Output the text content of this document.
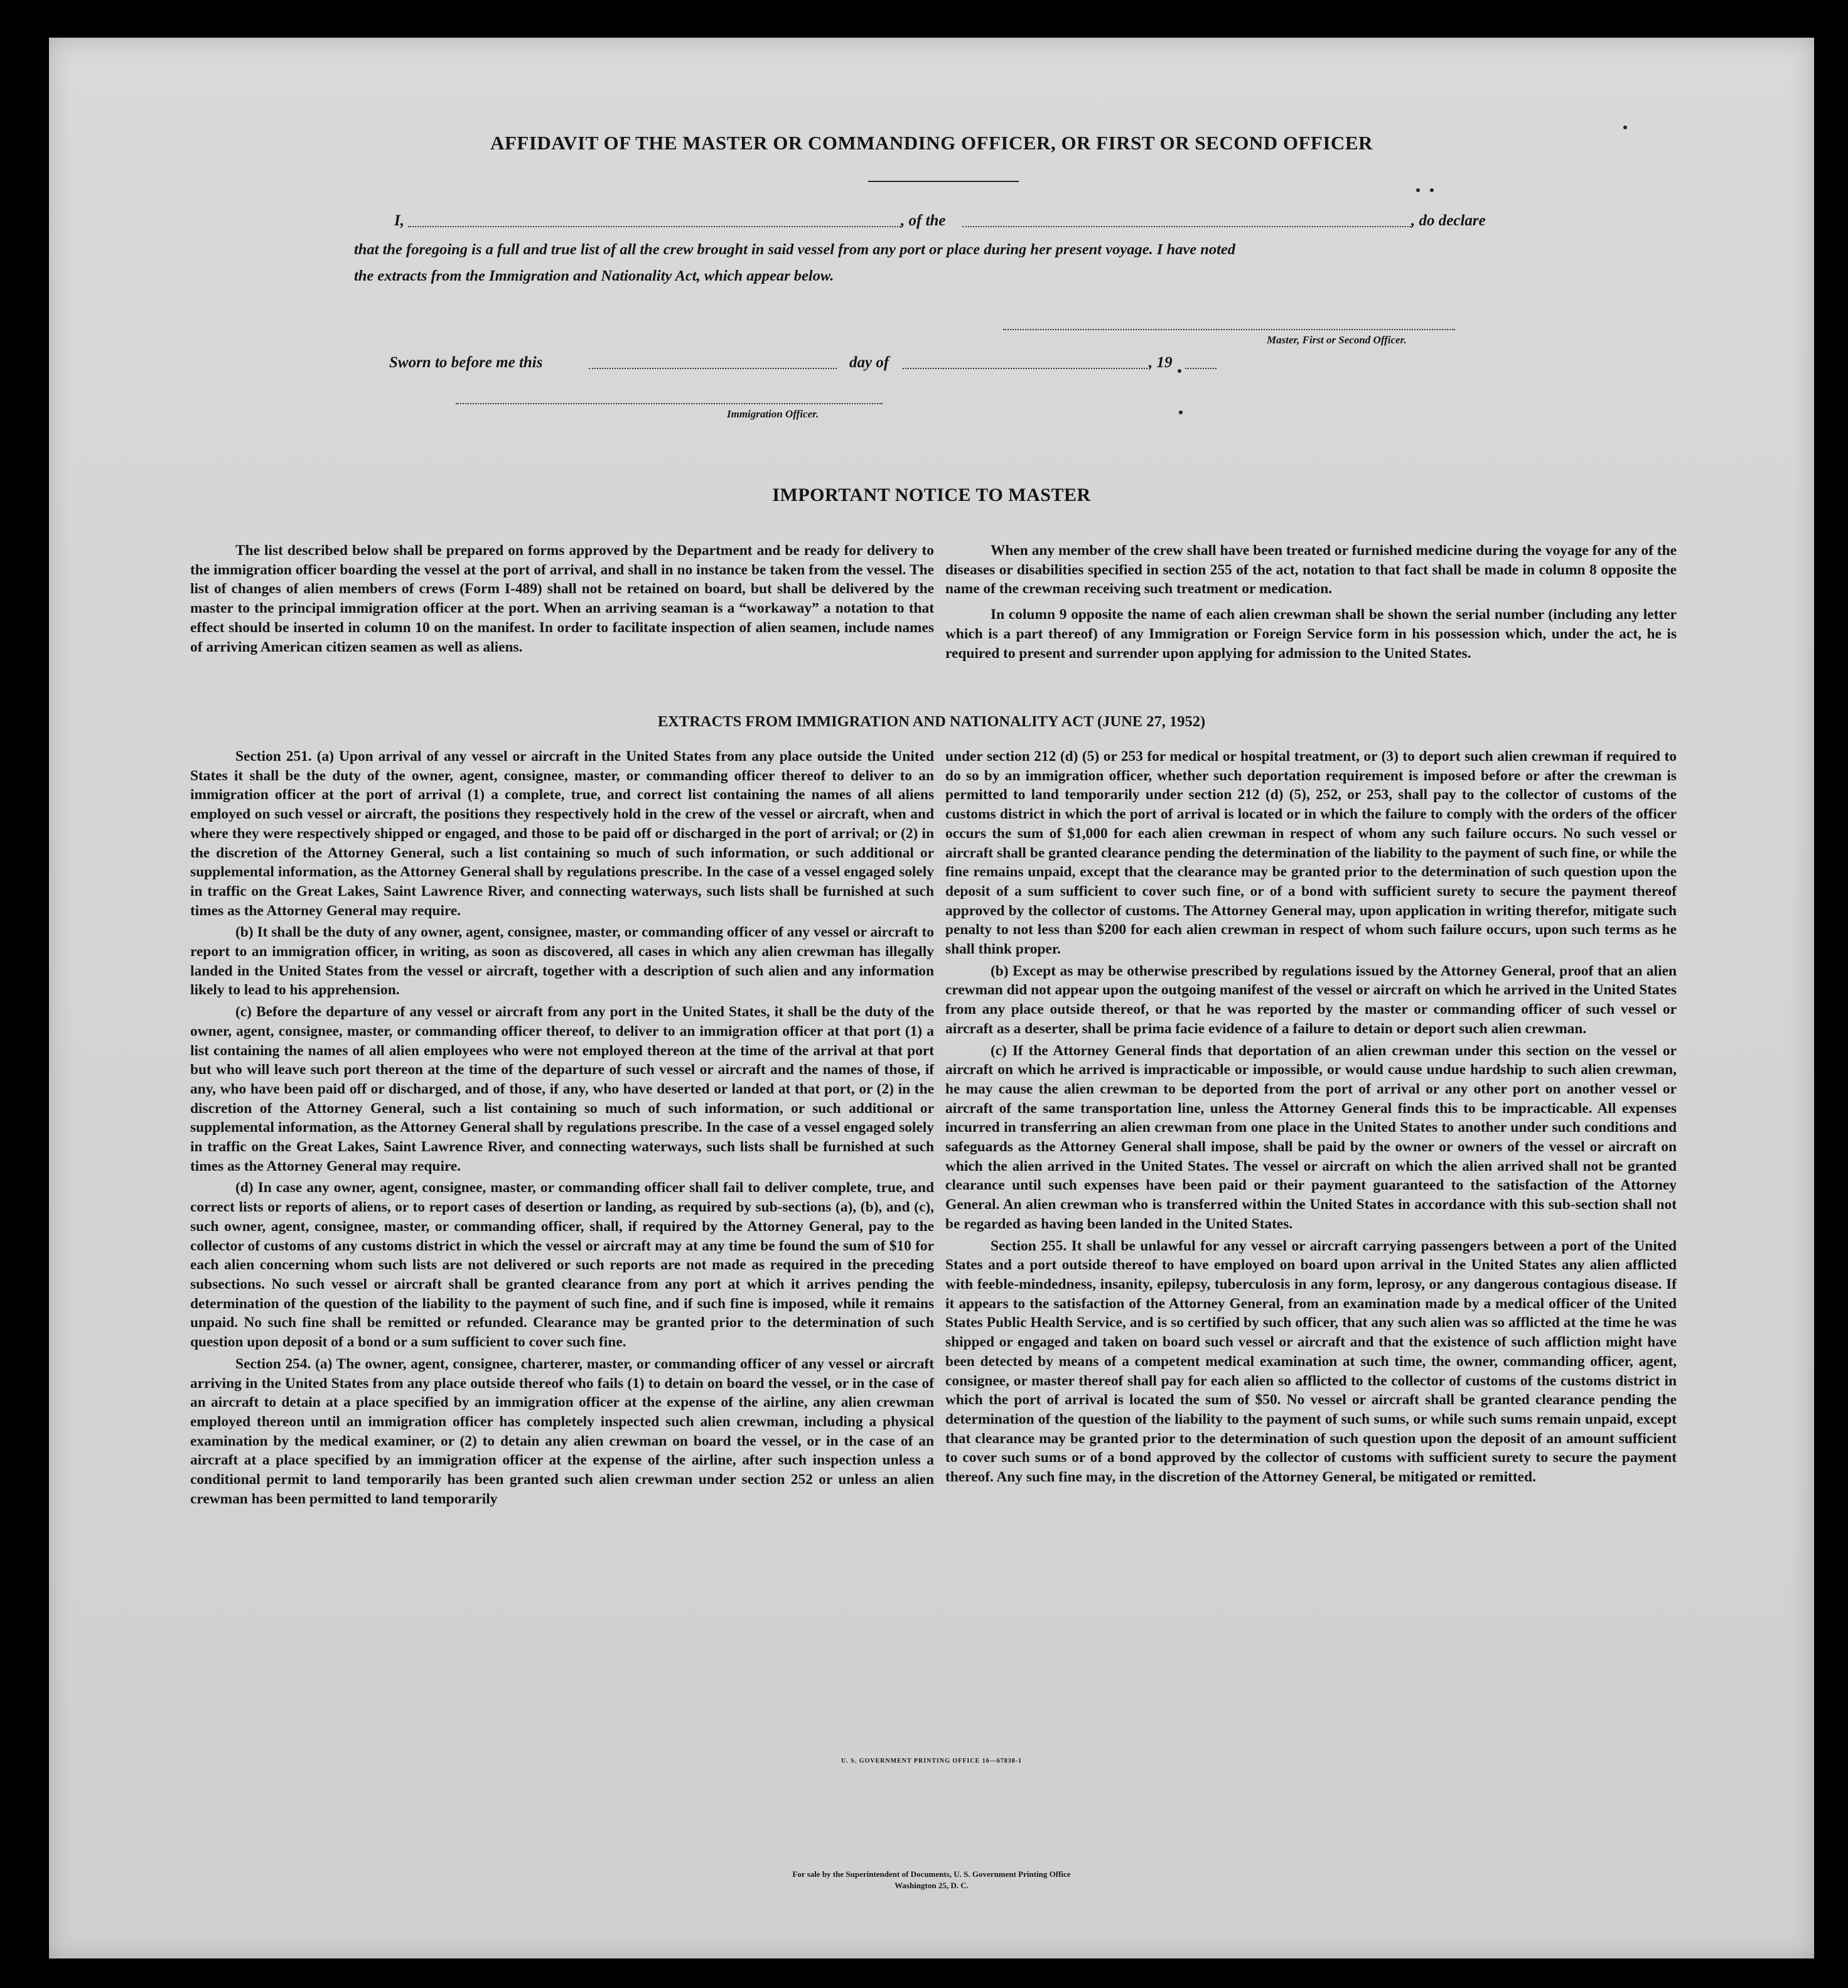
AFFIDAVIT OF THE MASTER OR COMMANDING OFFICER, OR FIRST OR SECOND OFFICER
I,	, of the	, do declare
that the foregoing is a full and true list of all the crew brought in said vessel from any port or place during her present voyage. I have noted
the extracts from the Immigration and Nationality Act, which appear below.
Master, First or Second Officer.
Sworn to before me this	day of	, 19
Immigration Officer.
IMPORTANT NOTICE TO MASTER

The list described below shall be prepared on forms approved by the Department and be ready for delivery to the immigration officer boarding the vessel at the port of arrival, and shall in no instance be taken from the vessel. The list of changes of alien members of crews (Form I-489) shall not be retained on board, but shall be delivered by the master to the principal immigration officer at the port. When an arriving seaman is a “workaway” a notation to that effect should be inserted in column 10 on the manifest. In order to facilitate inspection of alien seamen, include names of arriving American citizen seamen as well as aliens.

When any member of the crew shall have been treated or furnished medicine during the voyage for any of the diseases or disabilities specified in section 255 of the act, notation to that fact shall be made in column 8 opposite the name of the crewman receiving such treatment or medication.

In column 9 opposite the name of each alien crewman shall be shown the serial number (including any letter which is a part thereof) of any Immigration or Foreign Service form in his possession which, under the act, he is required to present and surrender upon applying for admission to the United States.

EXTRACTS FROM IMMIGRATION AND NATIONALITY ACT (JUNE 27, 1952)

Section 251. (a) Upon arrival of any vessel or aircraft in the United States from any place outside the United States it shall be the duty of the owner, agent, consignee, master, or commanding officer thereof to deliver to an immigration officer at the port of arrival (1) a complete, true, and correct list containing the names of all aliens employed on such vessel or aircraft, the positions they respectively hold in the crew of the vessel or aircraft, when and where they were respectively shipped or engaged, and those to be paid off or discharged in the port of arrival; or (2) in the discretion of the Attorney General, such a list containing so much of such information, or such additional or supplemental information, as the Attorney General shall by regulations prescribe. In the case of a vessel engaged solely in traffic on the Great Lakes, Saint Lawrence River, and connecting waterways, such lists shall be furnished at such times as the Attorney General may require.

(b) It shall be the duty of any owner, agent, consignee, master, or commanding officer of any vessel or aircraft to report to an immigration officer, in writing, as soon as discovered, all cases in which any alien crewman has illegally landed in the United States from the vessel or aircraft, together with a description of such alien and any information likely to lead to his apprehension.

(c) Before the departure of any vessel or aircraft from any port in the United States, it shall be the duty of the owner, agent, consignee, master, or commanding officer thereof, to deliver to an immigration officer at that port (1) a list containing the names of all alien employees who were not employed thereon at the time of the arrival at that port but who will leave such port thereon at the time of the departure of such vessel or aircraft and the names of those, if any, who have been paid off or discharged, and of those, if any, who have deserted or landed at that port, or (2) in the discretion of the Attorney General, such a list containing so much of such information, or such additional or supplemental information, as the Attorney General shall by regulations prescribe. In the case of a vessel engaged solely in traffic on the Great Lakes, Saint Lawrence River, and connecting waterways, such lists shall be furnished at such times as the Attorney General may require.

(d) In case any owner, agent, consignee, master, or commanding officer shall fail to deliver complete, true, and correct lists or reports of aliens, or to report cases of desertion or landing, as required by sub-sections (a), (b), and (c), such owner, agent, consignee, master, or commanding officer, shall, if required by the Attorney General, pay to the collector of customs of any customs district in which the vessel or aircraft may at any time be found the sum of $10 for each alien concerning whom such lists are not delivered or such reports are not made as required in the preceding subsections. No such vessel or aircraft shall be granted clearance from any port at which it arrives pending the determination of the question of the liability to the payment of such fine, and if such fine is imposed, while it remains unpaid. No such fine shall be remitted or refunded. Clearance may be granted prior to the determination of such question upon deposit of a bond or a sum sufficient to cover such fine.

Section 254. (a) The owner, agent, consignee, charterer, master, or commanding officer of any vessel or aircraft arriving in the United States from any place outside thereof who fails (1) to detain on board the vessel, or in the case of an aircraft to detain at a place specified by an immigration officer at the expense of the airline, any alien crewman employed thereon until an immigration officer has completely inspected such alien crewman, including a physical examination by the medical examiner, or (2) to detain any alien crewman on board the vessel, or in the case of an aircraft at a place specified by an immigration officer at the expense of the airline, after such inspection unless a conditional permit to land temporarily has been granted such alien crewman under section 252 or unless an alien crewman has been permitted to land temporarily

under section 212 (d) (5) or 253 for medical or hospital treatment, or (3) to deport such alien crewman if required to do so by an immigration officer, whether such deportation requirement is imposed before or after the crewman is permitted to land temporarily under section 212 (d) (5), 252, or 253, shall pay to the collector of customs of the customs district in which the port of arrival is located or in which the failure to comply with the orders of the officer occurs the sum of $1,000 for each alien crewman in respect of whom any such failure occurs. No such vessel or aircraft shall be granted clearance pending the determination of the liability to the payment of such fine, or while the fine remains unpaid, except that the clearance may be granted prior to the determination of such question upon the deposit of a sum sufficient to cover such fine, or of a bond with sufficient surety to secure the payment thereof approved by the collector of customs. The Attorney General may, upon application in writing therefor, mitigate such penalty to not less than $200 for each alien crewman in respect of whom such failure occurs, upon such terms as he shall think proper.

(b) Except as may be otherwise prescribed by regulations issued by the Attorney General, proof that an alien crewman did not appear upon the outgoing manifest of the vessel or aircraft on which he arrived in the United States from any place outside thereof, or that he was reported by the master or commanding officer of such vessel or aircraft as a deserter, shall be prima facie evidence of a failure to detain or deport such alien crewman.

(c) If the Attorney General finds that deportation of an alien crewman under this section on the vessel or aircraft on which he arrived is impracticable or impossible, or would cause undue hardship to such alien crewman, he may cause the alien crewman to be deported from the port of arrival or any other port on another vessel or aircraft of the same transportation line, unless the Attorney General finds this to be impracticable. All expenses incurred in transferring an alien crewman from one place in the United States to another under such conditions and safeguards as the Attorney General shall impose, shall be paid by the owner or owners of the vessel or aircraft on which the alien arrived in the United States. The vessel or aircraft on which the alien arrived shall not be granted clearance until such expenses have been paid or their payment guaranteed to the satisfaction of the Attorney General. An alien crewman who is transferred within the United States in accordance with this sub-section shall not be regarded as having been landed in the United States.

Section 255. It shall be unlawful for any vessel or aircraft carrying passengers between a port of the United States and a port outside thereof to have employed on board upon arrival in the United States any alien afflicted with feeble-mindedness, insanity, epilepsy, tuberculosis in any form, leprosy, or any dangerous contagious disease. If it appears to the satisfaction of the Attorney General, from an examination made by a medical officer of the United States Public Health Service, and is so certified by such officer, that any such alien was so afflicted at the time he was shipped or engaged and taken on board such vessel or aircraft and that the existence of such affliction might have been detected by means of a competent medical examination at such time, the owner, commanding officer, agent, consignee, or master thereof shall pay for each alien so afflicted to the collector of customs of the customs district in which the port of arrival is located the sum of $50. No vessel or aircraft shall be granted clearance pending the determination of the question of the liability to the payment of such sums, or while such sums remain unpaid, except that clearance may be granted prior to the determination of such question upon the deposit of an amount sufficient to cover such sums or of a bond approved by the collector of customs with sufficient surety to secure the payment thereof. Any such fine may, in the discretion of the Attorney General, be mitigated or remitted.

U. S. GOVERNMENT PRINTING OFFICE 16—67838-1
For sale by the Superintendent of Documents, U. S. Government Printing Office
Washington 25, D. C.
